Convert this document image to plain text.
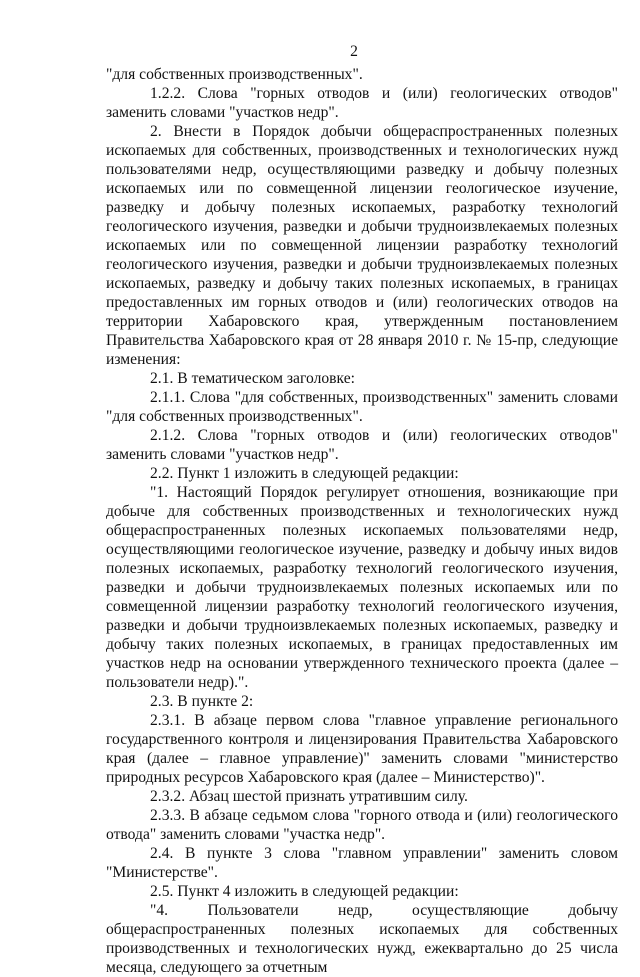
2

"для собственных производственных".

1.2.2. Слова "горных отводов и (или) геологических отводов" заменить словами "участков недр".

2. Внести в Порядок добычи общераспространенных полезных ископаемых для собственных, производственных и технологических нужд пользователями недр, осуществляющими разведку и добычу полезных ископаемых или по совмещенной лицензии геологическое изучение, разведку и добычу полезных ископаемых, разработку технологий геологического изучения, разведки и добычи трудноизвлекаемых полезных ископаемых или по совмещенной лицензии разработку технологий геологического изучения, разведки и добычи трудноизвлекаемых полезных ископаемых, разведку и добычу таких полезных ископаемых, в границах предоставленных им горных отводов и (или) геологических отводов на территории Хабаровского края, утвержденным постановлением Правительства Хабаровского края от 28 января 2010 г. № 15-пр, следующие изменения:

2.1. В тематическом заголовке:

2.1.1. Слова "для собственных, производственных" заменить словами "для собственных производственных".

2.1.2. Слова "горных отводов и (или) геологических отводов" заменить словами "участков недр".

2.2. Пункт 1 изложить в следующей редакции:

"1. Настоящий Порядок регулирует отношения, возникающие при добыче для собственных производственных и технологических нужд общераспространенных полезных ископаемых пользователями недр, осуществляющими геологическое изучение, разведку и добычу иных видов полезных ископаемых, разработку технологий геологического изучения, разведки и добычи трудноизвлекаемых полезных ископаемых или по совмещенной лицензии разработку технологий геологического изучения, разведки и добычи трудноизвлекаемых полезных ископаемых, разведку и добычу таких полезных ископаемых, в границах предоставленных им участков недр на основании утвержденного технического проекта (далее – пользователи недр).".

2.3. В пункте 2:

2.3.1. В абзаце первом слова "главное управление регионального государственного контроля и лицензирования Правительства Хабаровского края (далее – главное управление)" заменить словами "министерство природных ресурсов Хабаровского края (далее – Министерство)".

2.3.2. Абзац шестой признать утратившим силу.

2.3.3. В абзаце седьмом слова "горного отвода и (или) геологического отвода" заменить словами "участка недр".

2.4. В пункте 3 слова "главном управлении" заменить словом "Министерстве".

2.5. Пункт 4 изложить в следующей редакции:

"4. Пользователи недр, осуществляющие добычу общераспространенных полезных ископаемых для собственных производственных и технологических нужд, ежеквартально до 25 числа месяца, следующего за отчетным
